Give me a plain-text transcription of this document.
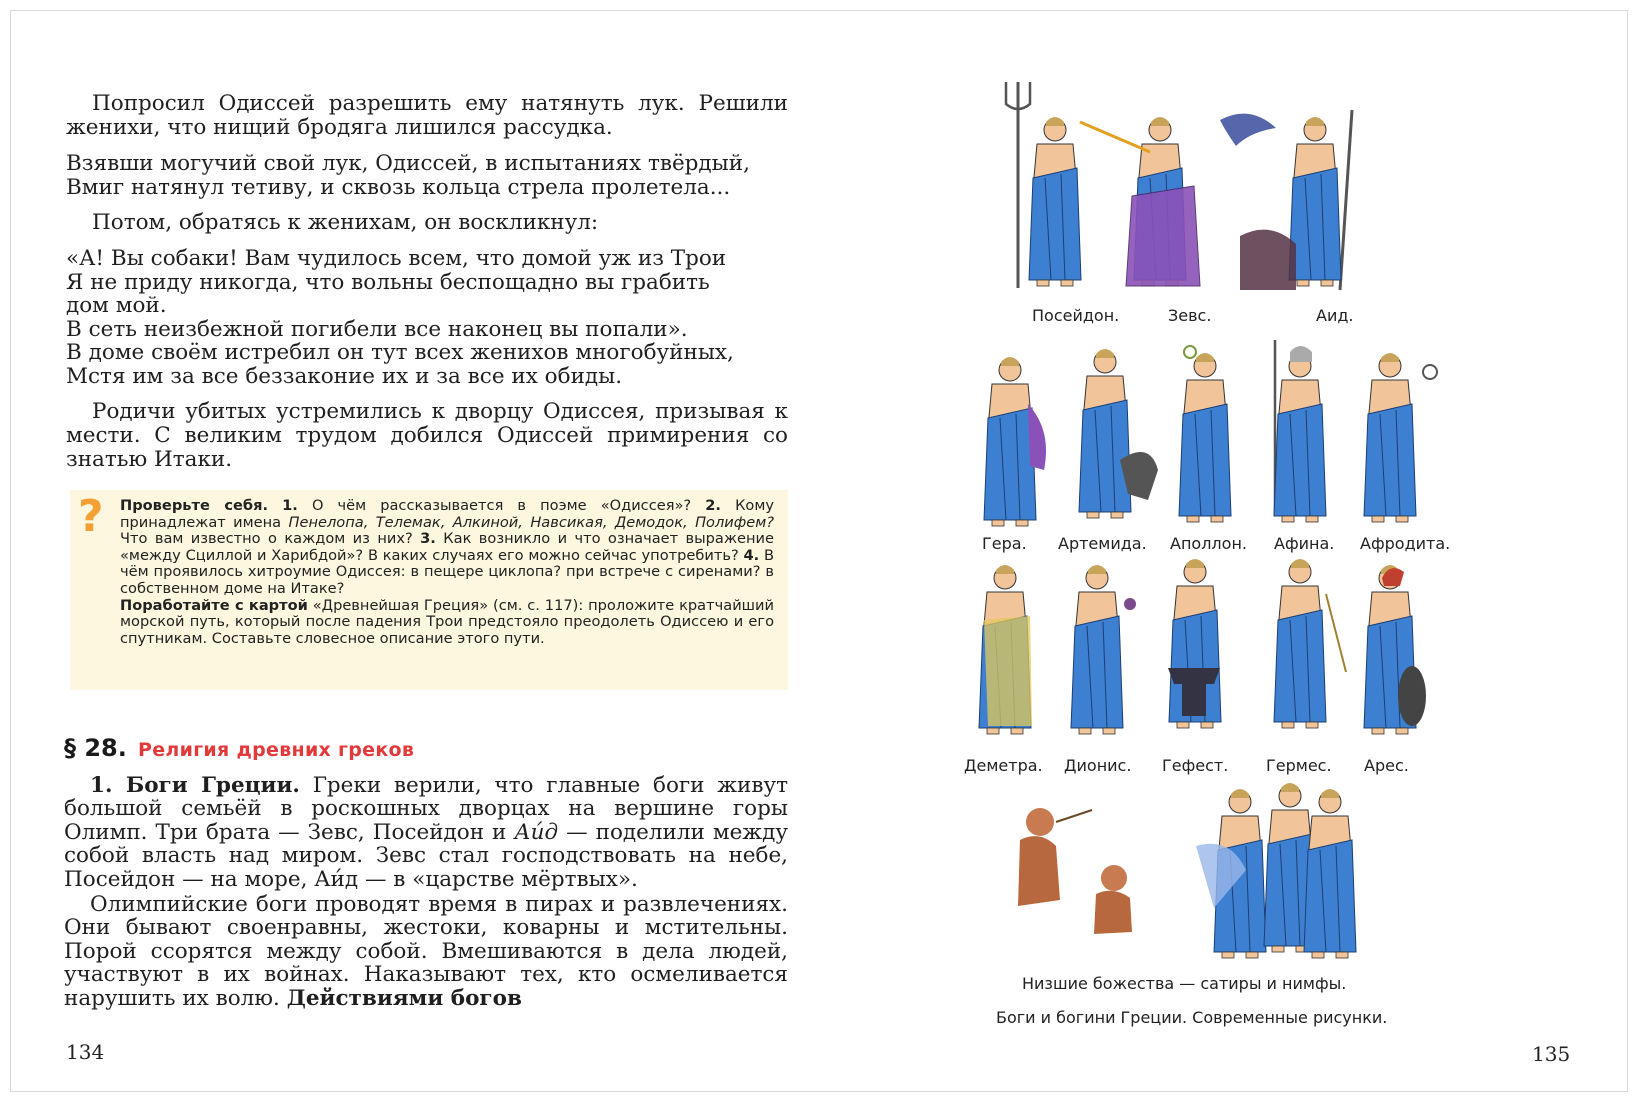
Попросил Одиссей разрешить ему натянуть лук. Решили женихи, что нищий бродяга лишился рассудка.

Взявши могучий свой лук, Одиссей, в испытаниях твёрдый,
Вмиг натянул тетиву, и сквозь кольца стрела пролетела...

Потом, обратясь к женихам, он воскликнул:

«А! Вы собаки! Вам чудилось всем, что домой уж из Трои
Я не приду никогда, что вольны беспощадно вы грабить
дом мой.
В сеть неизбежной погибели все наконец вы попали».
В доме своём истребил он тут всех женихов многобуйных,
Мстя им за все беззаконие их и за все их обиды.

Родичи убитых устремились к дворцу Одиссея, призывая к мести. С великим трудом добился Одиссей примирения со знатью Итаки.

? Проверьте себя. 1. О чём рассказывается в поэме «Одиссея»? 2. Кому принадлежат имена Пенелопа, Телемак, Алкиной, Навсикая, Демодок, Полифем? Что вам известно о каждом из них? 3. Как возникло и что означает выражение «между Сциллой и Харибдой»? В каких случаях его можно сейчас употребить? 4. В чём проявилось хитроумие Одиссея: в пещере циклопа? при встрече с сиренами? в собственном доме на Итаке?

Поработайте с картой «Древнейшая Греция» (см. с. 117): проложите кратчайший морской путь, который после падения Трои предстояло преодолеть Одиссею и его спутникам. Составьте словесное описание этого пути.

§ 28. Религия древних греков

1. Боги Греции. Греки верили, что главные боги живут большой семьёй в роскошных дворцах на вершине горы Олимп. Три брата — Зевс, Посейдон и Аи́д — поделили между собой власть над миром. Зевс стал господствовать на небе, Посейдон — на море, Аи́д — в «царстве мёртвых».

Олимпийские боги проводят время в пирах и развлечениях. Они бывают своенравны, жестоки, коварны и мстительны. Порой ссорятся между собой. Вмешиваются в дела людей, участвуют в их войнах. Наказывают тех, кто осмеливается нарушить их волю. Действиями богов

134
Посейдон.	Зевс.	Аид.
Гера. Артемида. Аполлон. Афина. Афродита.
Деметра. Дионис. Гефест. Гермес. Арес.
Низшие божества — сатиры и нимфы.
Боги и богини Греции. Современные рисунки.
135
